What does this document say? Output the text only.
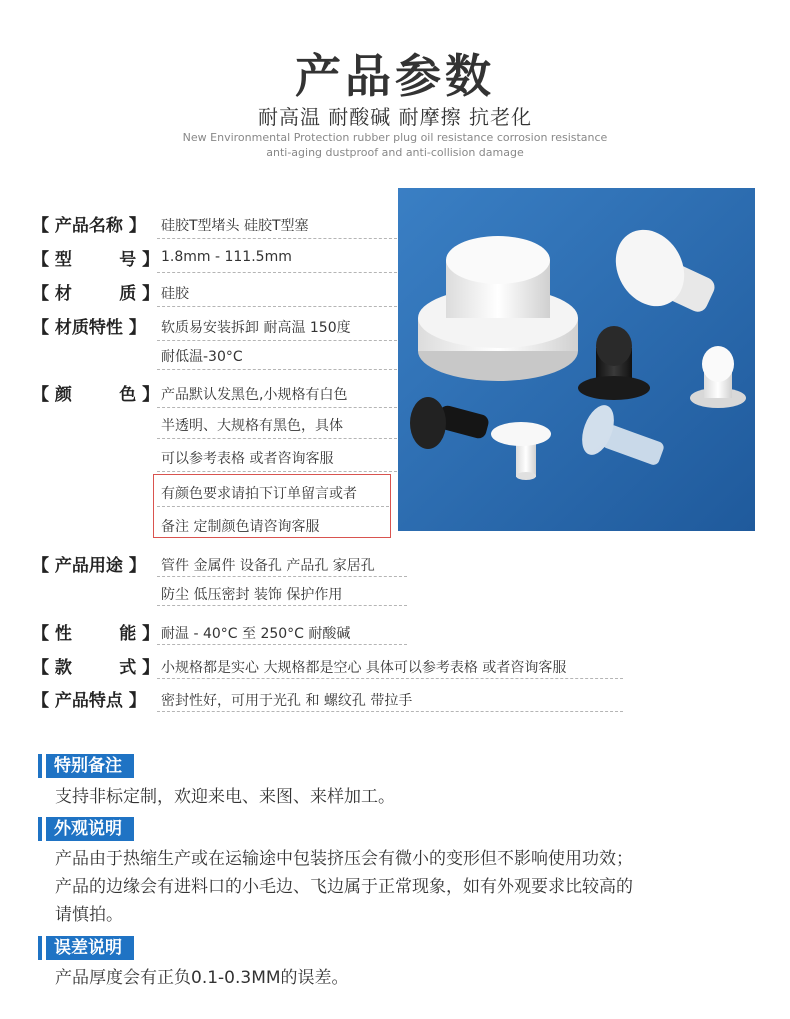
产品参数
耐高温 耐酸碱 耐摩擦 抗老化
New Environmental Protection rubber plug oil resistance corrosion resistance
anti-aging dustproof and anti-collision damage
【 产品名称 】 硅胶T型堵头 硅胶T型塞
【 型        号 】 1.8mm - 111.5mm
【 材        质 】 硅胶
【 材质特性 】 软质易安装拆卸 耐高温 150度
耐低温-30°C
【 颜        色 】 产品默认发黑色,小规格有白色
半透明、大规格有黑色，具体
可以参考表格 或者咨询客服
有颜色要求请拍下订单留言或者
备注 定制颜色请咨询客服
【 产品用途 】 管件 金属件 设备孔 产品孔 家居孔
防尘 低压密封 装饰 保护作用
【 性        能 】 耐温 - 40°C 至 250°C 耐酸碱
【 款        式 】 小规格都是实心 大规格都是空心 具体可以参考表格 或者咨询客服
【 产品特点 】 密封性好，可用于光孔 和 螺纹孔 带拉手
特别备注
支持非标定制，欢迎来电、来图、来样加工。
外观说明
产品由于热缩生产或在运输途中包装挤压会有微小的变形但不影响使用功效；
产品的边缘会有进料口的小毛边、飞边属于正常现象，如有外观要求比较高的
请慎拍。
误差说明
产品厚度会有正负0.1-0.3MM的误差。
